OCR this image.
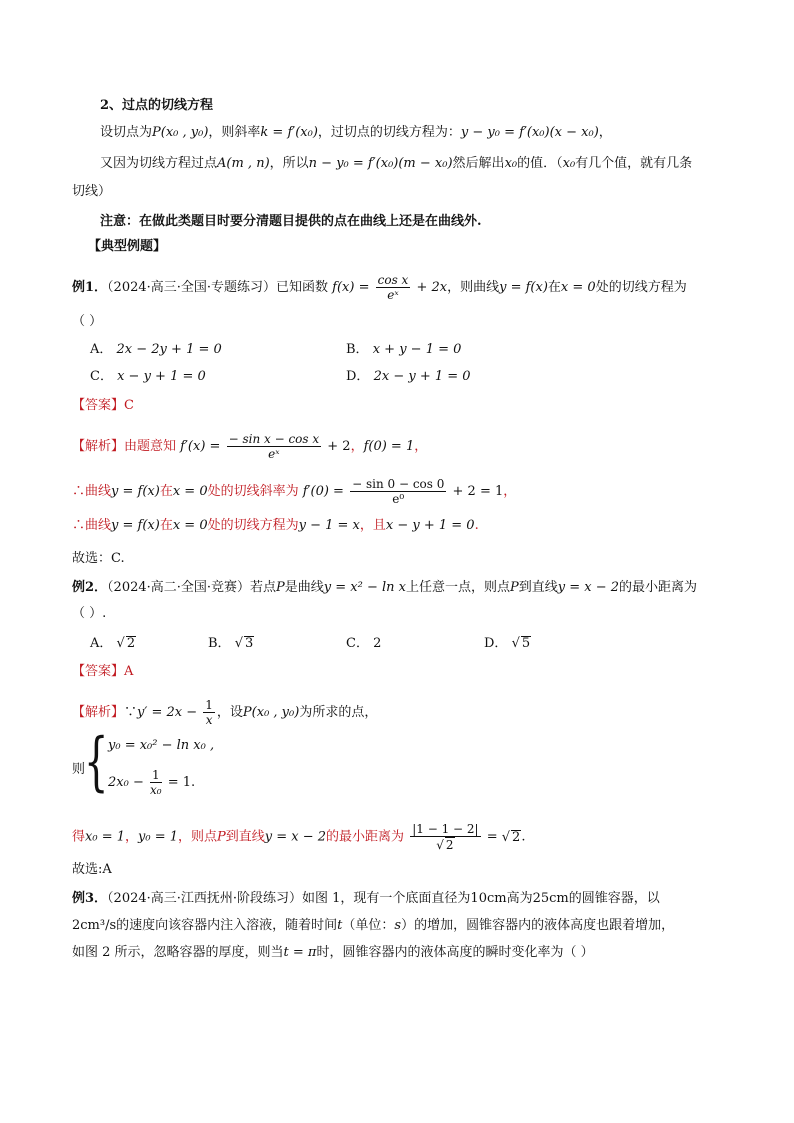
2、过点的切线方程
设切点为P(x₀ , y₀)，则斜率k = f′(x₀)，过切点的切线方程为：y − y₀ = f′(x₀)(x − x₀)，
又因为切线方程过点A(m , n)，所以n − y₀ = f′(x₀)(m − x₀)然后解出x₀的值．（x₀有几个值，就有几条
切线）
注意：在做此类题目时要分清题目提供的点在曲线上还是在曲线外.
【典型例题】
例1．（2024·高三·全国·专题练习）已知函数 $f(x) = \frac{\text{cos x}}{\text{eˣ}} + 2x$，则曲线y = f(x)在x = 0处的切线方程为
（ ）
A． 2x − 2y + 1 = 0	B． x + y − 1 = 0
C． x − y + 1 = 0	D． 2x − y + 1 = 0
【答案】C
【解析】由题意知 $f'(x) = \frac{\text{− sin x − cos x}}{\text{eˣ}} + 2$，f(0) = 1，
∴曲线y = f(x)在x = 0处的切线斜率为 $f'(0) = \frac{- \sin 0 - \cos 0}{\text{e⁰}} + 2 = 1$，
∴曲线y = f(x)在x = 0处的切线方程为y − 1 = x，且x − y + 1 = 0.
故选：C.
例2．（2024·高二·全国·竞赛）若点P是曲线y = x² − ln x上任意一点，则点P到直线y = x − 2的最小距离为
（ ）.
A． √ 2	B． √ 3	C． 2	D． √ 5
【答案】A
【解析】∵y′ = $2x - \frac{1}{x}$ ，设P(x₀ , y₀)为所求的点，
则
{ y₀ = x₀² − ln x₀ ,
$2x_0 - \frac{1}{\text{x₀}} = 1$.
得x₀ = 1，y₀ = 1，则点P到直线y = x − 2的最小距离为 $\frac{|1 - 1 - 2|}{√ 2}$ = √ 2.
故选:A
例3．（2024·高三·江西抚州·阶段练习）如图 1，现有一个底面直径为10cm高为25cm的圆锥容器，以
2cm³/s的速度向该容器内注入溶液，随着时间t（单位：s）的增加，圆锥容器内的液体高度也跟着增加，
如图 2 所示，忽略容器的厚度，则当t = π时，圆锥容器内的液体高度的瞬时变化率为（ ）
